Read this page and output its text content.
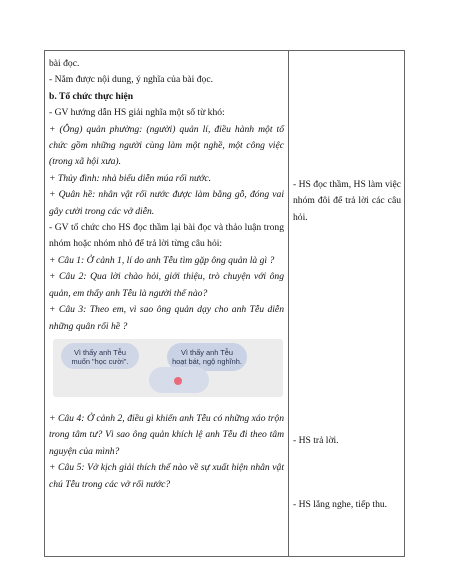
bài đọc.

- Nắm được nội dung, ý nghĩa của bài đọc.

b. Tổ chức thực hiện

- GV hướng dẫn HS giải nghĩa một số từ khó:

+ (Ông) quản phường: (người) quản lí, điều hành một tổ chức gồm những người cùng làm một nghề, một công việc (trong xã hội xưa).

+ Thủy đình: nhà biểu diễn múa rối nước.

+ Quân hề: nhân vật rối nước được làm bằng gỗ, đóng vai gây cười trong các vở diễn.

- GV tổ chức cho HS đọc thầm lại bài đọc và thảo luận trong nhóm hoặc nhóm nhỏ để trả lời từng câu hỏi:

+ Câu 1: Ở cảnh 1, lí do anh Tễu tìm gặp ông quản là gì ?

+ Câu 2: Qua lời chào hỏi, giới thiệu, trò chuyện với ông quản, em thấy anh Tễu là người thế nào?

+ Câu 3: Theo em, vì sao ông quản dạy cho anh Tễu diễn những quân rối hề ?

Vì thấy anh Tễu
muốn "học cười".
Vì thấy anh Tễu
hoạt bát, ngộ nghĩnh.

+ Câu 4: Ở cảnh 2, điều gì khiến anh Tễu có những xáo trộn trong tâm tư? Vì sao ông quản khích lệ anh Tễu đi theo tâm nguyện của mình?

+ Câu 5: Vở kịch giải thích thế nào về sự xuất hiện nhân vật chú Tễu trong các vở rối nước?

- HS đọc thầm, HS làm việc nhóm đôi để trả lời các câu hỏi.

- HS trả lời.

- HS lắng nghe, tiếp thu.
